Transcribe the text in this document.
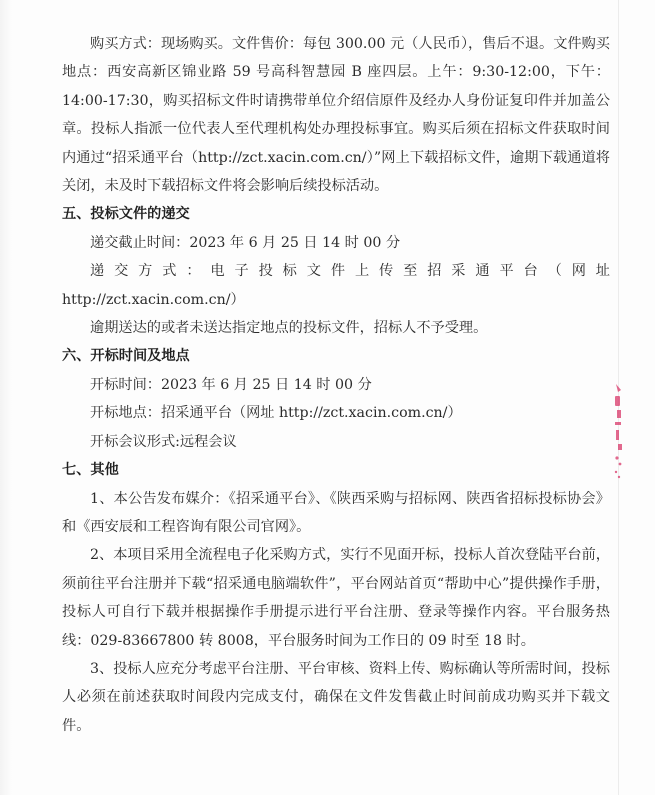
购买方式：现场购买。文件售价：每包 300.00 元（人民币），售后不退。文件购买地点：西安高新区锦业路 59 号高科智慧园 B 座四层。上午：9:30-12:00，下午：14:00-17:30，购买招标文件时请携带单位介绍信原件及经办人身份证复印件并加盖公章。投标人指派一位代表人至代理机构处办理投标事宜。购买后须在招标文件获取时间内通过“招采通平台（http://zct.xacin.com.cn/）”网上下载招标文件，逾期下载通道将关闭，未及时下载招标文件将会影响后续投标活动。

五、投标文件的递交

递交截止时间：2023 年 6 月 25 日 14 时 00 分

递 交 方 式 ： 电 子 投 标 文 件 上 传 至 招 采 通 平 台 （ 网 址

http://zct.xacin.com.cn/）

逾期送达的或者未送达指定地点的投标文件，招标人不予受理。

六、开标时间及地点

开标时间：2023 年 6 月 25 日 14 时 00 分

开标地点：招采通平台（网址 http://zct.xacin.com.cn/）

开标会议形式:远程会议

七、其他

1、本公告发布媒介：《招采通平台》、《陕西采购与招标网、陕西省招标投标协会》和《西安辰和工程咨询有限公司官网》。

2、本项目采用全流程电子化采购方式，实行不见面开标，投标人首次登陆平台前，须前往平台注册并下载“招采通电脑端软件”，平台网站首页“帮助中心”提供操作手册，投标人可自行下载并根据操作手册提示进行平台注册、登录等操作内容。平台服务热线：029-83667800 转 8008，平台服务时间为工作日的 09 时至 18 时。

3、投标人应充分考虑平台注册、平台审核、资料上传、购标确认等所需时间，投标人必须在前述获取时间段内完成支付，确保在文件发售截止时间前成功购买并下载文件。
